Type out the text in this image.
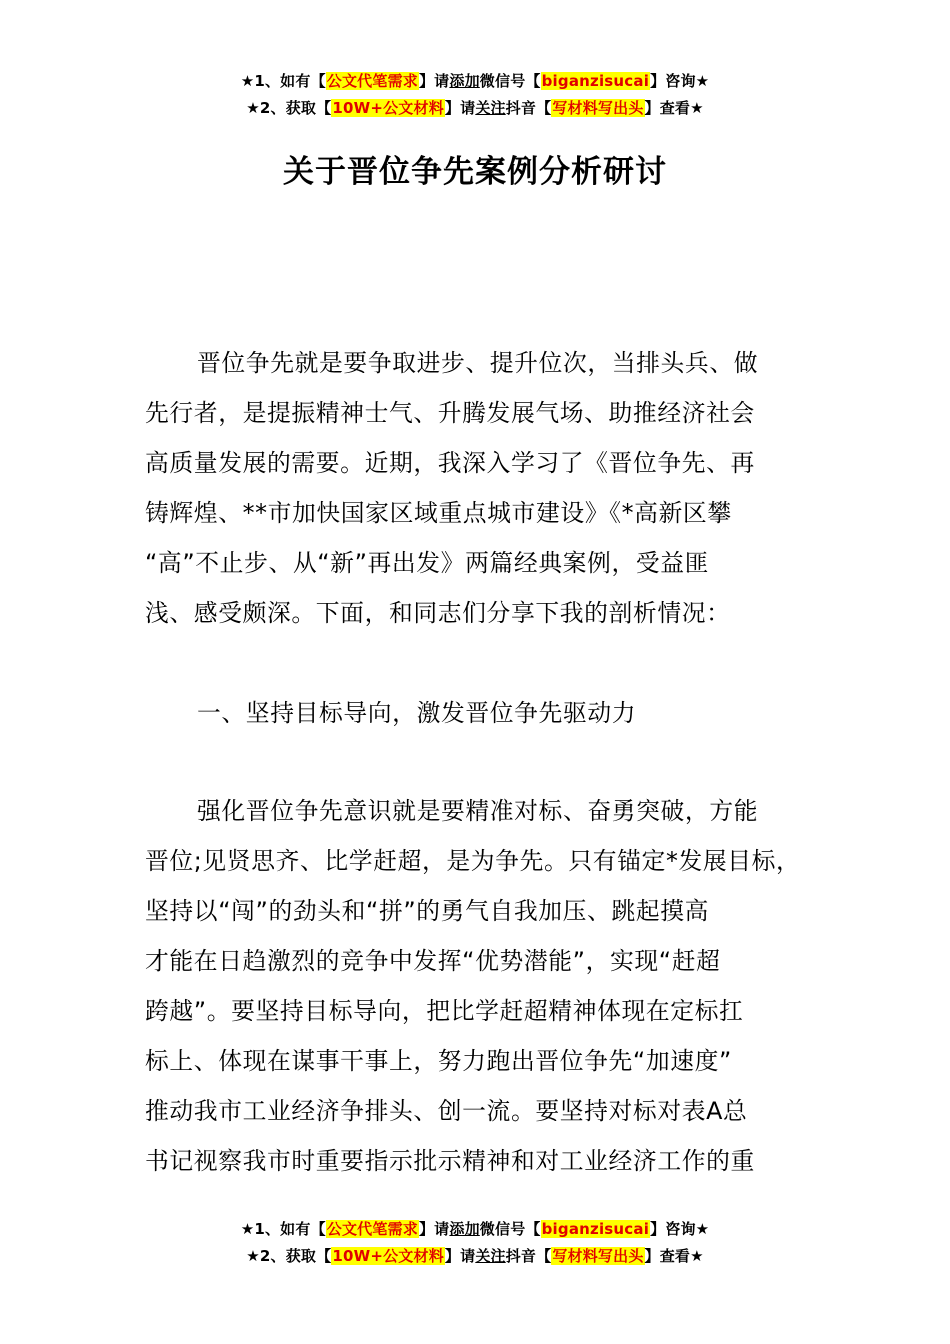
★1、如有【公文代笔需求】请添加微信号【biganzisucai】咨询★
★2、获取【10W+公文材料】请关注抖音【写材料写出头】查看★
关于晋位争先案例分析研讨
晋位争先就是要争取进步、提升位次，当排头兵、做
先行者，是提振精神士气、升腾发展气场、助推经济社会
高质量发展的需要。近期，我深入学习了《晋位争先、再
铸辉煌、**市加快国家区域重点城市建设》《*高新区攀
“高”不止步、从“新”再出发》两篇经典案例，受益匪
浅、感受颇深。下面，和同志们分享下我的剖析情况：
一、坚持目标导向，激发晋位争先驱动力
强化晋位争先意识就是要精准对标、奋勇突破，方能
晋位;见贤思齐、比学赶超，是为争先。只有锚定*发展目标，
坚持以“闯”的劲头和“拼”的勇气自我加压、跳起摸高
才能在日趋激烈的竞争中发挥“优势潜能”，实现“赶超
跨越”。要坚持目标导向，把比学赶超精神体现在定标扛
标上、体现在谋事干事上，努力跑出晋位争先“加速度”
推动我市工业经济争排头、创一流。要坚持对标对表A总
书记视察我市时重要指示批示精神和对工业经济工作的重
★1、如有【公文代笔需求】请添加微信号【biganzisucai】咨询★
★2、获取【10W+公文材料】请关注抖音【写材料写出头】查看★
